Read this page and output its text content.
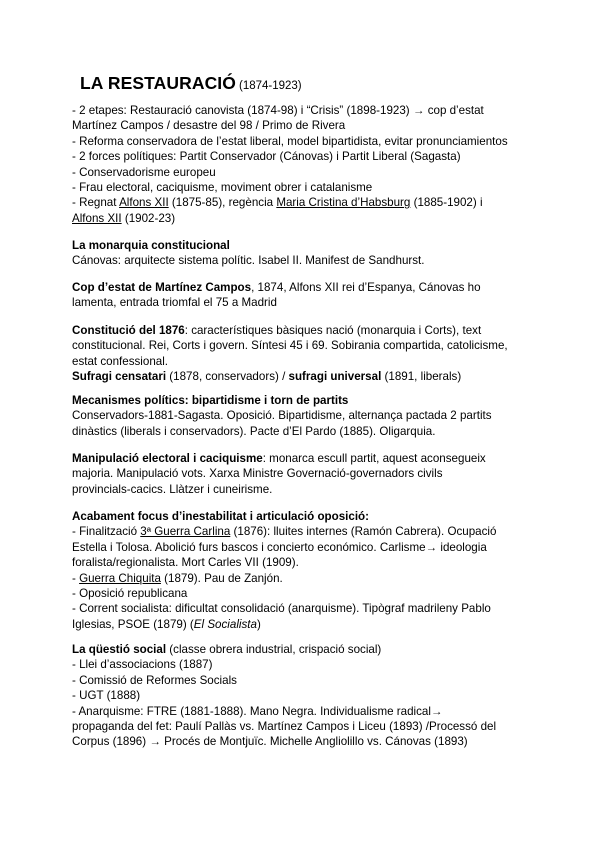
LA RESTAURACIÓ (1874-1923)
- 2 etapes: Restauració canovista (1874-98) i “Crisis” (1898-1923) → cop d’estat
Martínez Campos / desastre del 98 / Primo de Rivera
- Reforma conservadora de l’estat liberal, model bipartidista, evitar pronunciamientos
- 2 forces polítiques: Partit Conservador (Cánovas) i Partit Liberal (Sagasta)
- Conservadorisme europeu
- Frau electoral, caciquisme, moviment obrer i catalanisme
- Regnat Alfons XII (1875-85), regència Maria Cristina d’Habsburg (1885-1902) i
Alfons XII (1902-23)
La monarquia constitucional
Cánovas: arquitecte sistema polític. Isabel II. Manifest de Sandhurst.
Cop d’estat de Martínez Campos, 1874, Alfons XII rei d’Espanya, Cánovas ho
lamenta, entrada triomfal el 75 a Madrid
Constitució del 1876: característiques bàsiques nació (monarquia i Corts), text
constitucional. Rei, Corts i govern. Síntesi 45 i 69. Sobirania compartida, catolicisme,
estat confessional.
Sufragi censatari (1878, conservadors) / sufragi universal (1891, liberals)
Mecanismes polítics: bipartidisme i torn de partits
Conservadors-1881-Sagasta. Oposició. Bipartidisme, alternança pactada 2 partits
dinàstics (liberals i conservadors). Pacte d’El Pardo (1885). Oligarquia.
Manipulació electoral i caciquisme: monarca escull partit, aquest aconsegueix
majoria. Manipulació vots. Xarxa Ministre Governació-governadors civils
provincials-cacics. Llàtzer i cuneirisme.
Acabament focus d’inestabilitat i articulació oposició:
- Finalització 3ª Guerra Carlina (1876): lluites internes (Ramón Cabrera). Ocupació
Estella i Tolosa. Abolició furs bascos i concierto económico. Carlisme→ ideologia
foralista/regionalista. Mort Carles VII (1909).
- Guerra Chiquita (1879). Pau de Zanjón.
- Oposició republicana
- Corrent socialista: dificultat consolidació (anarquisme). Tipògraf madrileny Pablo
Iglesias, PSOE (1879) (El Socialista)
La qüestió social (classe obrera industrial, crispació social)
- Llei d’associacions (1887)
- Comissió de Reformes Socials
- UGT (1888)
- Anarquisme: FTRE (1881-1888). Mano Negra. Individualisme radical→
propaganda del fet: Paulí Pallàs vs. Martínez Campos i Liceu (1893) /Processó del
Corpus (1896) → Procés de Montjuïc. Michelle Angliolillo vs. Cánovas (1893)
